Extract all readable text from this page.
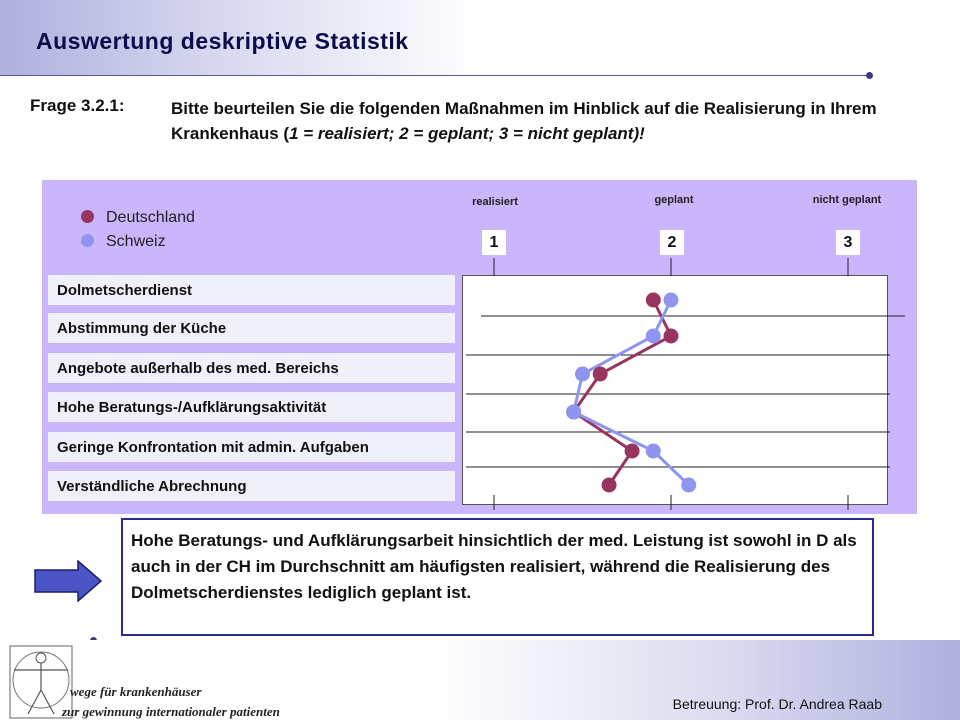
Auswertung deskriptive Statistik
Frage 3.2.1:	Bitte beurteilen Sie die folgenden Maßnahmen im Hinblick auf die Realisierung in Ihrem Krankenhaus (1 = realisiert; 2 = geplant; 3 = nicht geplant)!
Deutschland
Schweiz
realisiert	geplant	nicht geplant
1	2	3
Dolmetscherdienst
Abstimmung der Küche
Angebote außerhalb des med. Bereichs
Hohe Beratungs-/Aufklärungsaktivität
Geringe Konfrontation mit admin. Aufgaben
Verständliche Abrechnung
Hohe Beratungs- und Aufklärungsarbeit hinsichtlich der med. Leistung ist sowohl in D als auch in der CH im Durchschnitt am häufigsten realisiert, während die Realisierung des Dolmetscherdienstes lediglich geplant ist.
wege für krankenhäuser
zur gewinnung internationaler patienten	Betreuung: Prof. Dr. Andrea Raab
